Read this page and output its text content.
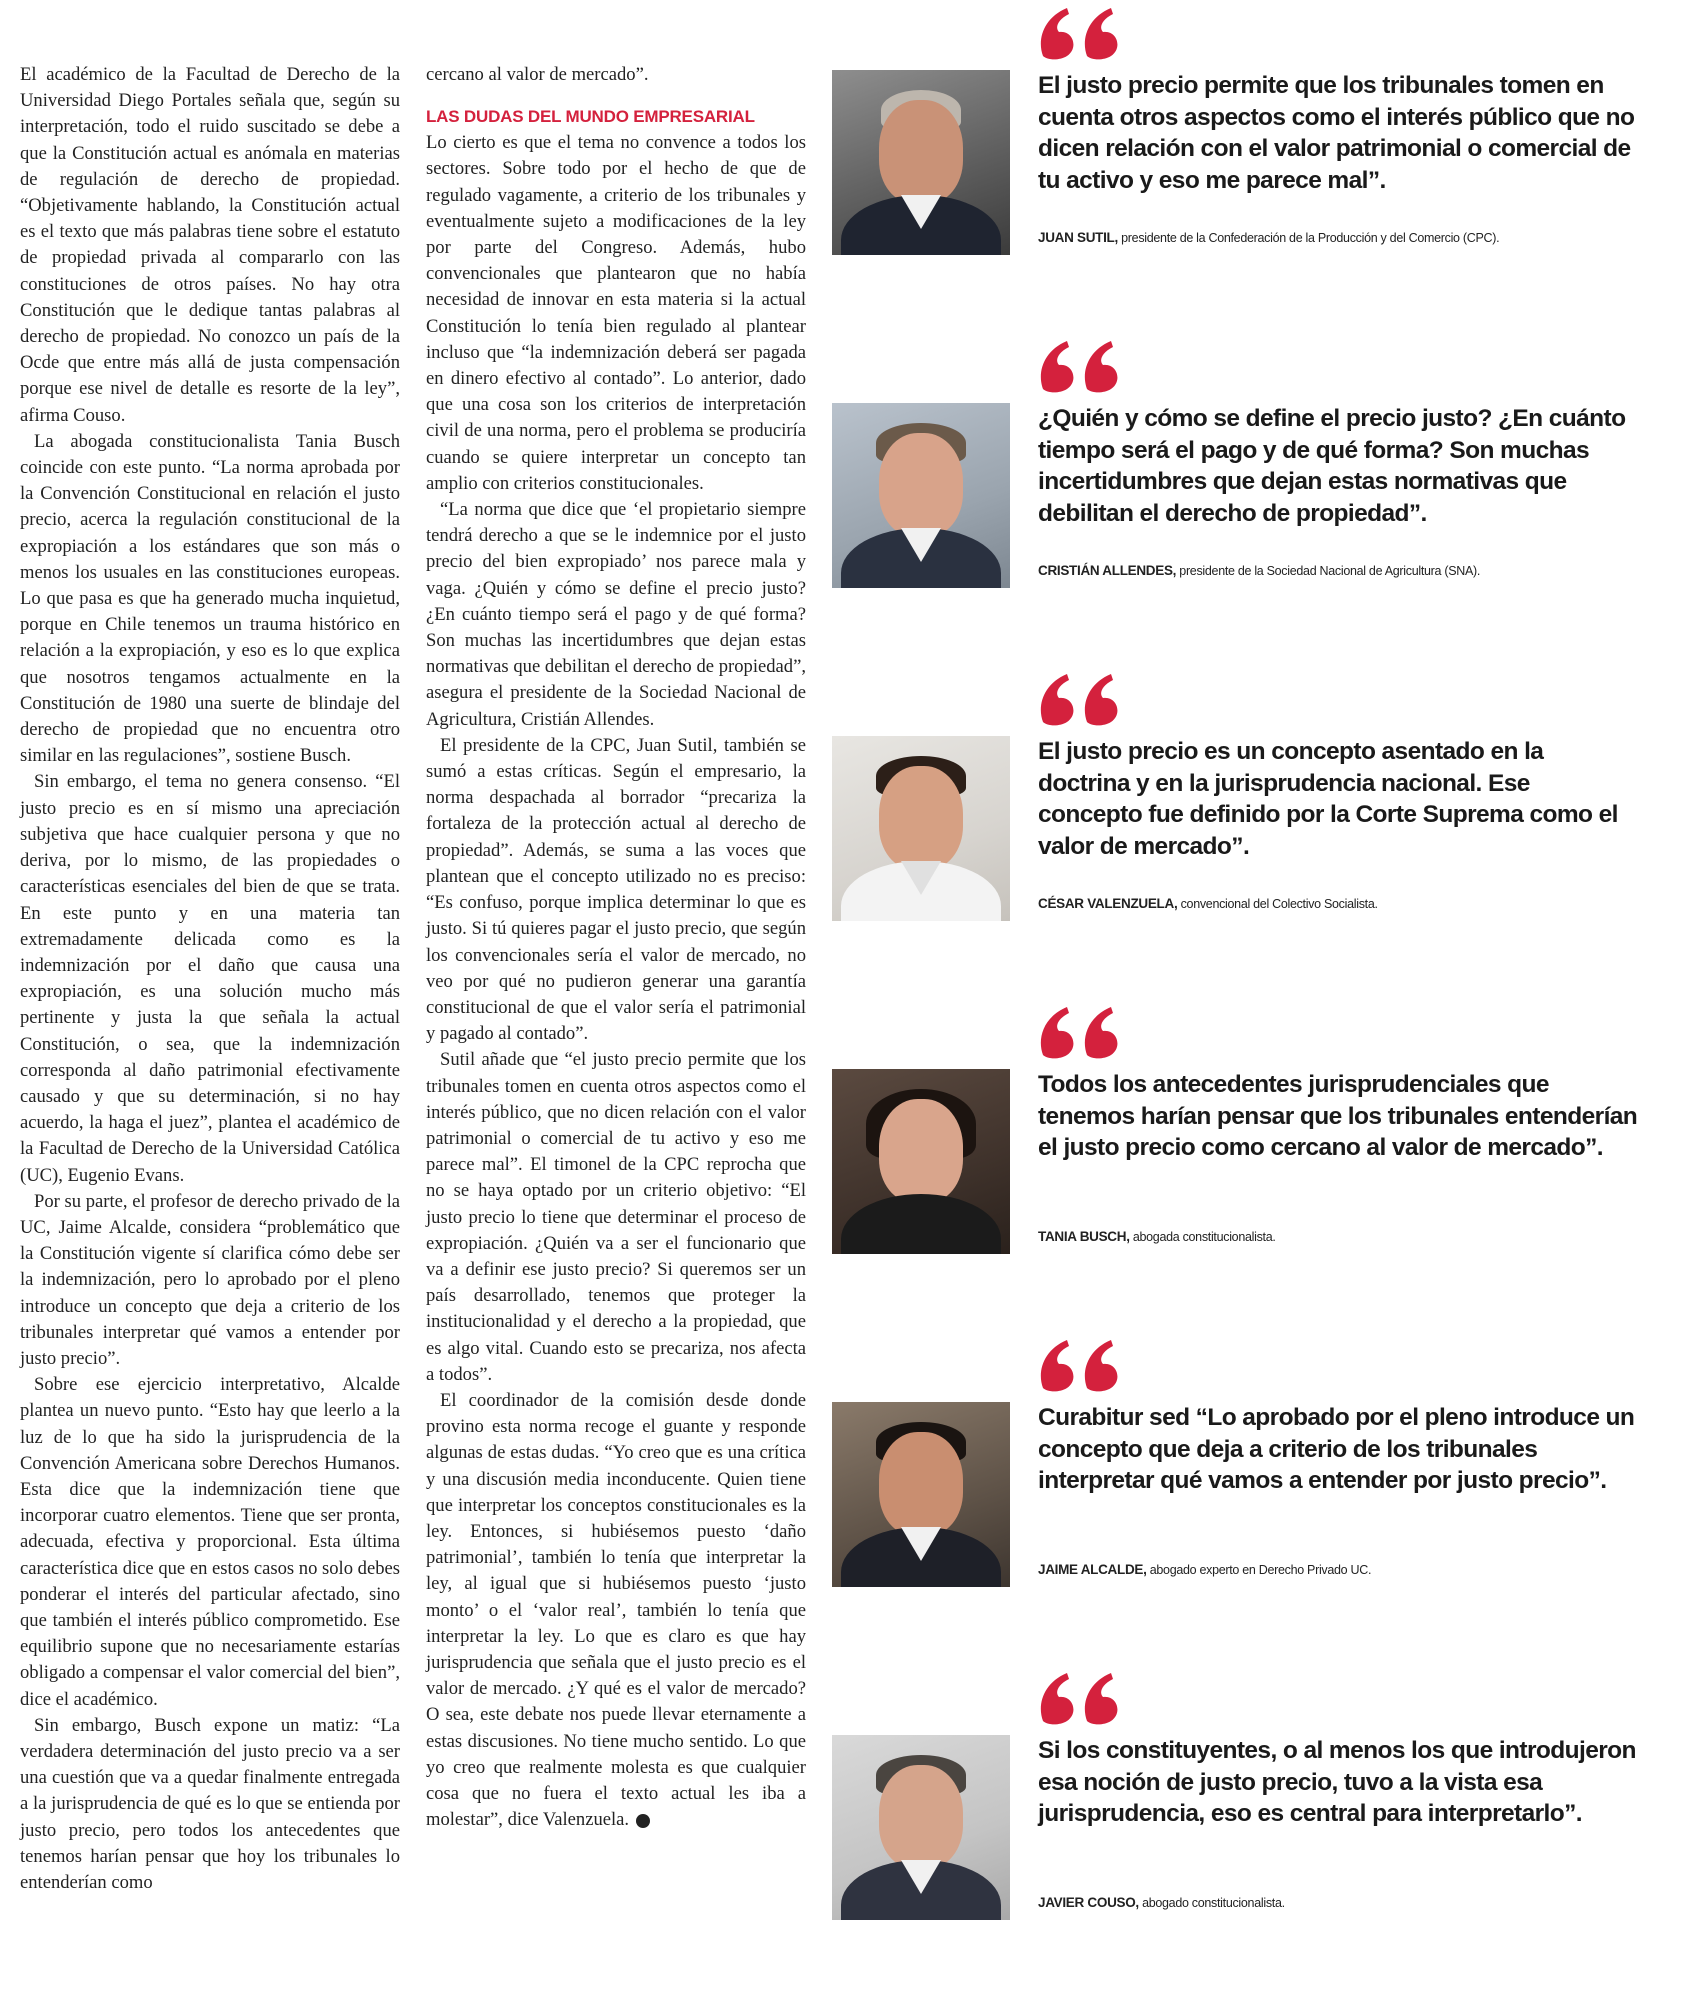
El académico de la Facultad de Derecho de la Universidad Diego Portales señala que, según su interpretación, todo el ruido suscitado se debe a que la Constitución actual es anómala en materias de regulación de derecho de propiedad. “Objetivamente hablando, la Constitución actual es el texto que más palabras tiene sobre el estatuto de propiedad privada al compararlo con las constituciones de otros países. No hay otra Constitución que le dedique tantas palabras al derecho de propiedad. No conozco un país de la Ocde que entre más allá de justa compensación porque ese nivel de detalle es resorte de la ley”, afirma Couso.

La abogada constitucionalista Tania Busch coincide con este punto. “La norma aprobada por la Convención Constitucional en relación el justo precio, acerca la regulación constitucional de la expropiación a los estándares que son más o menos los usuales en las constituciones europeas. Lo que pasa es que ha generado mucha inquietud, porque en Chile tenemos un trauma histórico en relación a la expropiación, y eso es lo que explica que nosotros tengamos actualmente en la Constitución de 1980 una suerte de blindaje del derecho de propiedad que no encuentra otro similar en las regulaciones”, sostiene Busch.

Sin embargo, el tema no genera consenso. “El justo precio es en sí mismo una apreciación subjetiva que hace cualquier persona y que no deriva, por lo mismo, de las propiedades o características esenciales del bien de que se trata. En este punto y en una materia tan extremadamente delicada como es la indemnización por el daño que causa una expropiación, es una solución mucho más pertinente y justa la que señala la actual Constitución, o sea, que la indemnización corresponda al daño patrimonial efectivamente causado y que su determinación, si no hay acuerdo, la haga el juez”, plantea el académico de la Facultad de Derecho de la Universidad Católica (UC), Eugenio Evans.

Por su parte, el profesor de derecho privado de la UC, Jaime Alcalde, considera “problemático que la Constitución vigente sí clarifica cómo debe ser la indemnización, pero lo aprobado por el pleno introduce un concepto que deja a criterio de los tribunales interpretar qué vamos a entender por justo precio”.

Sobre ese ejercicio interpretativo, Alcalde plantea un nuevo punto. “Esto hay que leerlo a la luz de lo que ha sido la jurisprudencia de la Convención Americana sobre Derechos Humanos. Esta dice que la indemnización tiene que incorporar cuatro elementos. Tiene que ser pronta, adecuada, efectiva y proporcional. Esta última característica dice que en estos casos no solo debes ponderar el interés del particular afectado, sino que también el interés público comprometido. Ese equilibrio supone que no necesariamente estarías obligado a compensar el valor comercial del bien”, dice el académico.

Sin embargo, Busch expone un matiz: “La verdadera determinación del justo precio va a ser una cuestión que va a quedar finalmente entregada a la jurisprudencia de qué es lo que se entienda por justo precio, pero todos los antecedentes que tenemos harían pensar que hoy los tribunales lo entenderían como

cercano al valor de mercado”.

LAS DUDAS DEL MUNDO EMPRESARIAL

Lo cierto es que el tema no convence a todos los sectores. Sobre todo por el hecho de que de regulado vagamente, a criterio de los tribunales y eventualmente sujeto a modificaciones de la ley por parte del Congreso. Además, hubo convencionales que plantearon que no había necesidad de innovar en esta materia si la actual Constitución lo tenía bien regulado al plantear incluso que “la indemnización deberá ser pagada en dinero efectivo al contado”. Lo anterior, dado que una cosa son los criterios de interpretación civil de una norma, pero el problema se produciría cuando se quiere interpretar un concepto tan amplio con criterios constitucionales.

“La norma que dice que ‘el propietario siempre tendrá derecho a que se le indemnice por el justo precio del bien expropiado’ nos parece mala y vaga. ¿Quién y cómo se define el precio justo? ¿En cuánto tiempo será el pago y de qué forma? Son muchas las incertidumbres que dejan estas normativas que debilitan el derecho de propiedad”, asegura el presidente de la Sociedad Nacional de Agricultura, Cristián Allendes.

El presidente de la CPC, Juan Sutil, también se sumó a estas críticas. Según el empresario, la norma despachada al borrador “precariza la fortaleza de la protección actual al derecho de propiedad”. Además, se suma a las voces que plantean que el concepto utilizado no es preciso: “Es confuso, porque implica determinar lo que es justo. Si tú quieres pagar el justo precio, que según los convencionales sería el valor de mercado, no veo por qué no pudieron generar una garantía constitucional de que el valor sería el patrimonial y pagado al contado”.

Sutil añade que “el justo precio permite que los tribunales tomen en cuenta otros aspectos como el interés público, que no dicen relación con el valor patrimonial o comercial de tu activo y eso me parece mal”. El timonel de la CPC reprocha que no se haya optado por un criterio objetivo: “El justo precio lo tiene que determinar el proceso de expropiación. ¿Quién va a ser el funcionario que va a definir ese justo precio? Si queremos ser un país desarrollado, tenemos que proteger la institucionalidad y el derecho a la propiedad, que es algo vital. Cuando esto se precariza, nos afecta a todos”.

El coordinador de la comisión desde donde provino esta norma recoge el guante y responde algunas de estas dudas. “Yo creo que es una crítica y una discusión media inconducente. Quien tiene que interpretar los conceptos constitucionales es la ley. Entonces, si hubiésemos puesto ‘daño patrimonial’, también lo tenía que interpretar la ley, al igual que si hubiésemos puesto ‘justo monto’ o el ‘valor real’, también lo tenía que interpretar la ley. Lo que es claro es que hay jurisprudencia que señala que el justo precio es el valor de mercado. ¿Y qué es el valor de mercado? O sea, este debate nos puede llevar eternamente a estas discusiones. No tiene mucho sentido. Lo que yo creo que realmente molesta es que cualquier cosa que no fuera el texto actual les iba a molestar”, dice Valenzuela. P

El justo precio permite que los tribunales tomen en cuenta otros aspectos como el interés público que no dicen relación con el valor patrimonial o comercial de tu activo y eso me parece mal”.
JUAN SUTIL, presidente de la Confederación de la Producción y del Comercio (CPC).
¿Quién y cómo se define el precio justo? ¿En cuánto tiempo será el pago y de qué forma? Son muchas incertidumbres que dejan estas normativas que debilitan el derecho de propiedad”.
CRISTIÁN ALLENDES, presidente de la Sociedad Nacional de Agricultura (SNA).
El justo precio es un concepto asentado en la doctrina y en la jurisprudencia nacional. Ese concepto fue definido por la Corte Suprema como el valor de mercado”.
CÉSAR VALENZUELA, convencional del Colectivo Socialista.
Todos los antecedentes jurisprudenciales que tenemos harían pensar que los tribunales entenderían el justo precio como cercano al valor de mercado”.
TANIA BUSCH, abogada constitucionalista.
Curabitur sed “Lo aprobado por el pleno introduce un concepto que deja a criterio de los tribunales interpretar qué vamos a entender por justo precio”.
JAIME ALCALDE, abogado experto en Derecho Privado UC.
Si los constituyentes, o al menos los que introdujeron esa noción de justo precio, tuvo a la vista esa jurisprudencia, eso es central para interpretarlo”.
JAVIER COUSO, abogado constitucionalista.
